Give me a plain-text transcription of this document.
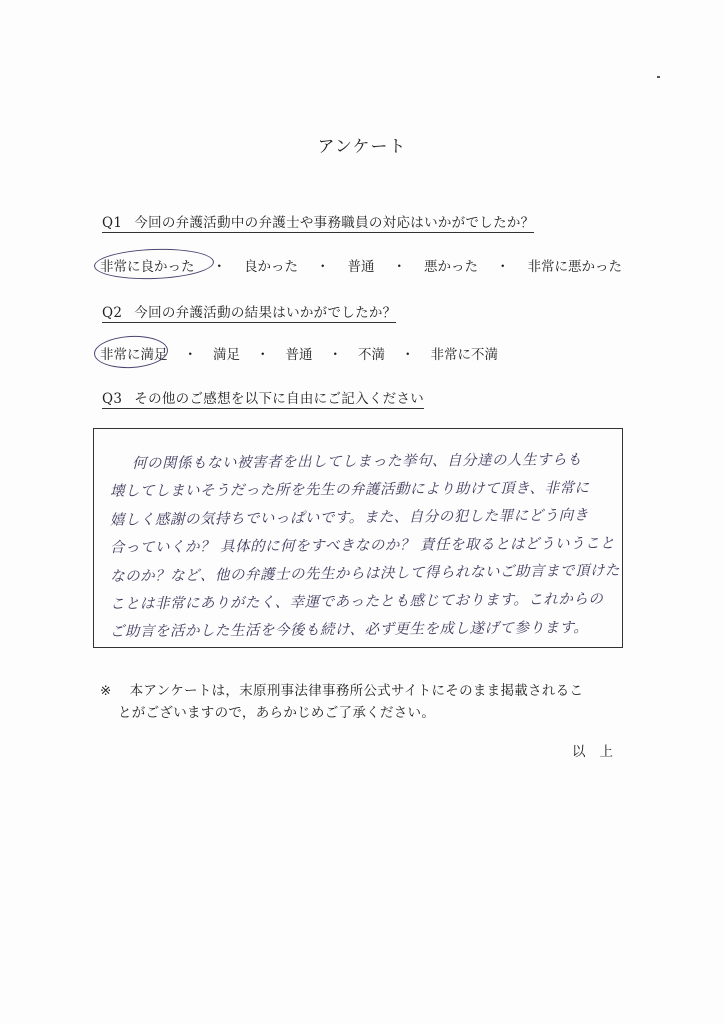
アンケート
Q1 今回の弁護活動中の弁護士や事務職員の対応はいかがでしたか？
非常に良かった ・ 良かった ・ 普通 ・ 悪かった ・ 非常に悪かった
Q2 今回の弁護活動の結果はいかがでしたか？
非常に満足 ・ 満足 ・ 普通 ・ 不満 ・ 非常に不満
Q3 その他のご感想を以下に自由にご記入ください
何の関係もない被害者を出してしまった挙句、自分達の人生すらも
壊してしまいそうだった所を先生の弁護活動により助けて頂き、非常に
嬉しく感謝の気持ちでいっぱいです。また、自分の犯した罪にどう向き
合っていくか？ 具体的に何をすべきなのか？ 責任を取るとはどういうこと
なのか？など、他の弁護士の先生からは決して得られないご助言まで頂けた
ことは非常にありがたく、幸運であったとも感じております。これからの
ご助言を活かした生活を今後も続け、必ず更生を成し遂げて参ります。
※ 本アンケートは，末原刑事法律事務所公式サイトにそのまま掲載されるこ
とがございますので，あらかじめご了承ください。
以上
